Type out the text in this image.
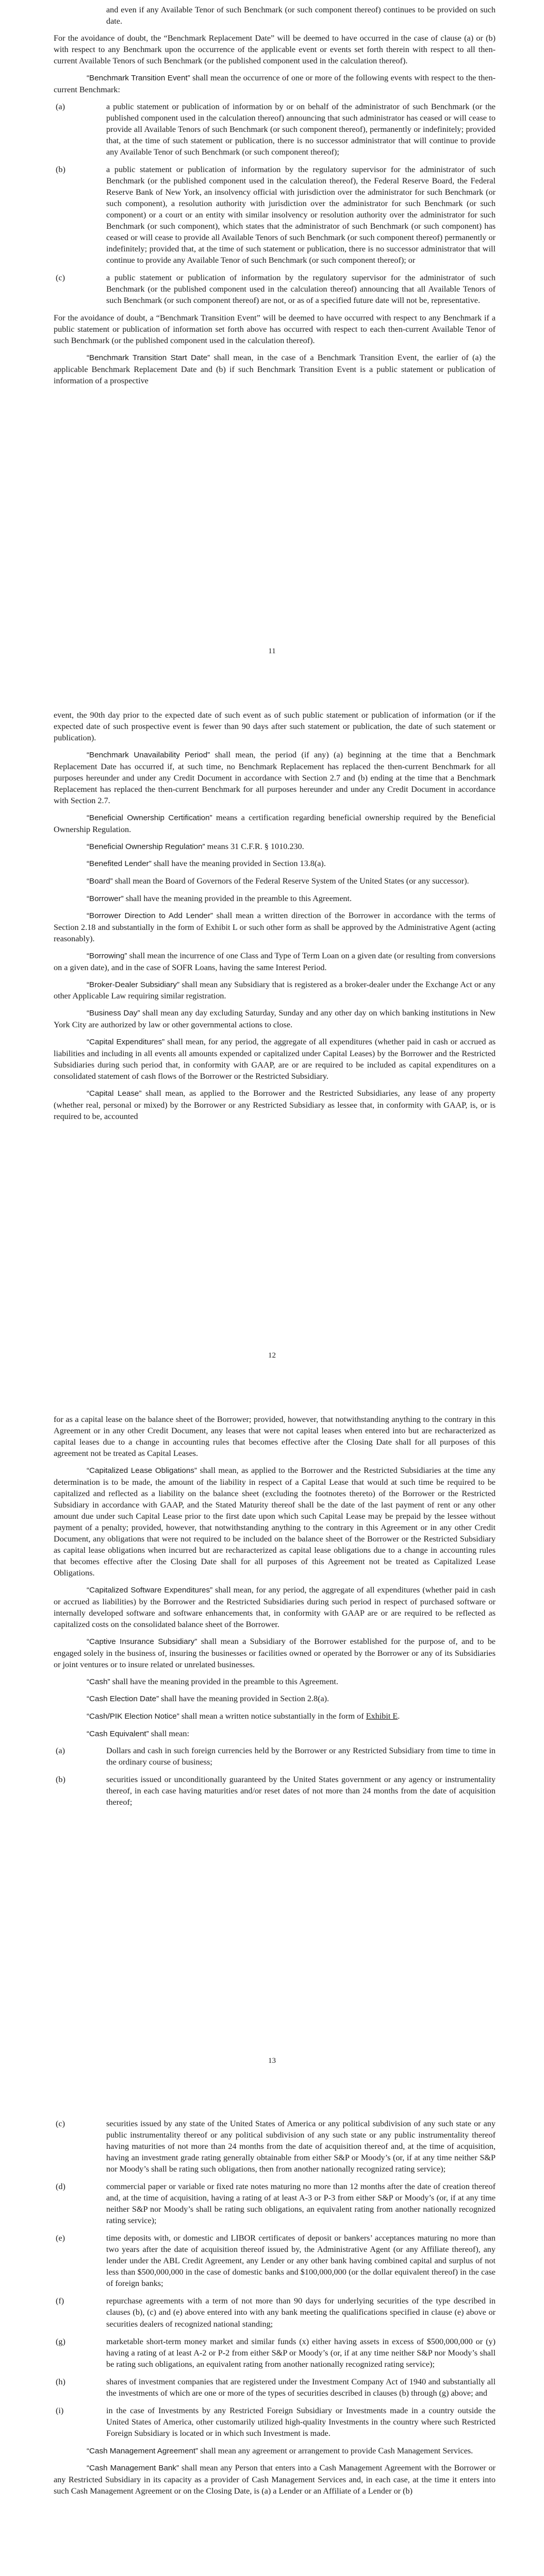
and even if any Available Tenor of such Benchmark (or such component thereof) continues to be provided on such date.

For the avoidance of doubt, the “Benchmark Replacement Date” will be deemed to have occurred in the case of clause (a) or (b) with respect to any Benchmark upon the occurrence of the applicable event or events set forth therein with respect to all then-current Available Tenors of such Benchmark (or the published component used in the calculation thereof).

“Benchmark Transition Event” shall mean the occurrence of one or more of the following events with respect to the then-current Benchmark:

(a)	a public statement or publication of information by or on behalf of the administrator of such Benchmark (or the published component used in the calculation thereof) announcing that such administrator has ceased or will cease to provide all Available Tenors of such Benchmark (or such component thereof), permanently or indefinitely; provided that, at the time of such statement or publication, there is no successor administrator that will continue to provide any Available Tenor of such Benchmark (or such component thereof);
(b)	a public statement or publication of information by the regulatory supervisor for the administrator of such Benchmark (or the published component used in the calculation thereof), the Federal Reserve Board, the Federal Reserve Bank of New York, an insolvency official with jurisdiction over the administrator for such Benchmark (or such component), a resolution authority with jurisdiction over the administrator for such Benchmark (or such component) or a court or an entity with similar insolvency or resolution authority over the administrator for such Benchmark (or such component), which states that the administrator of such Benchmark (or such component) has ceased or will cease to provide all Available Tenors of such Benchmark (or such component thereof) permanently or indefinitely; provided that, at the time of such statement or publication, there is no successor administrator that will continue to provide any Available Tenor of such Benchmark (or such component thereof); or
(c)	a public statement or publication of information by the regulatory supervisor for the administrator of such Benchmark (or the published component used in the calculation thereof) announcing that all Available Tenors of such Benchmark (or such component thereof) are not, or as of a specified future date will not be, representative.

For the avoidance of doubt, a “Benchmark Transition Event” will be deemed to have occurred with respect to any Benchmark if a public statement or publication of information set forth above has occurred with respect to each then-current Available Tenor of such Benchmark (or the published component used in the calculation thereof).

“Benchmark Transition Start Date” shall mean, in the case of a Benchmark Transition Event, the earlier of (a) the applicable Benchmark Replacement Date and (b) if such Benchmark Transition Event is a public statement or publication of information of a prospective

11

event, the 90th day prior to the expected date of such event as of such public statement or publication of information (or if the expected date of such prospective event is fewer than 90 days after such statement or publication, the date of such statement or publication).

“Benchmark Unavailability Period” shall mean, the period (if any) (a) beginning at the time that a Benchmark Replacement Date has occurred if, at such time, no Benchmark Replacement has replaced the then-current Benchmark for all purposes hereunder and under any Credit Document in accordance with Section 2.7 and (b) ending at the time that a Benchmark Replacement has replaced the then-current Benchmark for all purposes hereunder and under any Credit Document in accordance with Section 2.7.

“Beneficial Ownership Certification” means a certification regarding beneficial ownership required by the Beneficial Ownership Regulation.

“Beneficial Ownership Regulation” means 31 C.F.R. § 1010.230.

“Benefited Lender” shall have the meaning provided in Section 13.8(a).

“Board” shall mean the Board of Governors of the Federal Reserve System of the United States (or any successor).

“Borrower” shall have the meaning provided in the preamble to this Agreement.

“Borrower Direction to Add Lender” shall mean a written direction of the Borrower in accordance with the terms of Section 2.18 and substantially in the form of Exhibit L or such other form as shall be approved by the Administrative Agent (acting reasonably).

“Borrowing” shall mean the incurrence of one Class and Type of Term Loan on a given date (or resulting from conversions on a given date), and in the case of SOFR Loans, having the same Interest Period.

“Broker-Dealer Subsidiary” shall mean any Subsidiary that is registered as a broker-dealer under the Exchange Act or any other Applicable Law requiring similar registration.

“Business Day” shall mean any day excluding Saturday, Sunday and any other day on which banking institutions in New York City are authorized by law or other governmental actions to close.

“Capital Expenditures” shall mean, for any period, the aggregate of all expenditures (whether paid in cash or accrued as liabilities and including in all events all amounts expended or capitalized under Capital Leases) by the Borrower and the Restricted Subsidiaries during such period that, in conformity with GAAP, are or are required to be included as capital expenditures on a consolidated statement of cash flows of the Borrower or the Restricted Subsidiary.

“Capital Lease” shall mean, as applied to the Borrower and the Restricted Subsidiaries, any lease of any property (whether real, personal or mixed) by the Borrower or any Restricted Subsidiary as lessee that, in conformity with GAAP, is, or is required to be, accounted

12

for as a capital lease on the balance sheet of the Borrower; provided, however, that notwithstanding anything to the contrary in this Agreement or in any other Credit Document, any leases that were not capital leases when entered into but are recharacterized as capital leases due to a change in accounting rules that becomes effective after the Closing Date shall for all purposes of this agreement not be treated as Capital Leases.

“Capitalized Lease Obligations” shall mean, as applied to the Borrower and the Restricted Subsidiaries at the time any determination is to be made, the amount of the liability in respect of a Capital Lease that would at such time be required to be capitalized and reflected as a liability on the balance sheet (excluding the footnotes thereto) of the Borrower or the Restricted Subsidiary in accordance with GAAP, and the Stated Maturity thereof shall be the date of the last payment of rent or any other amount due under such Capital Lease prior to the first date upon which such Capital Lease may be prepaid by the lessee without payment of a penalty; provided, however, that notwithstanding anything to the contrary in this Agreement or in any other Credit Document, any obligations that were not required to be included on the balance sheet of the Borrower or the Restricted Subsidiary as capital lease obligations when incurred but are recharacterized as capital lease obligations due to a change in accounting rules that becomes effective after the Closing Date shall for all purposes of this Agreement not be treated as Capitalized Lease Obligations.

“Capitalized Software Expenditures” shall mean, for any period, the aggregate of all expenditures (whether paid in cash or accrued as liabilities) by the Borrower and the Restricted Subsidiaries during such period in respect of purchased software or internally developed software and software enhancements that, in conformity with GAAP are or are required to be reflected as capitalized costs on the consolidated balance sheet of the Borrower.

“Captive Insurance Subsidiary” shall mean a Subsidiary of the Borrower established for the purpose of, and to be engaged solely in the business of, insuring the businesses or facilities owned or operated by the Borrower or any of its Subsidiaries or joint ventures or to insure related or unrelated businesses.

“Cash” shall have the meaning provided in the preamble to this Agreement.

“Cash Election Date” shall have the meaning provided in Section 2.8(a).

“Cash/PIK Election Notice” shall mean a written notice substantially in the form of Exhibit E.

“Cash Equivalent” shall mean:

(a)	Dollars and cash in such foreign currencies held by the Borrower or any Restricted Subsidiary from time to time in the ordinary course of business;
(b)	securities issued or unconditionally guaranteed by the United States government or any agency or instrumentality thereof, in each case having maturities and/or reset dates of not more than 24 months from the date of acquisition thereof;
13
(c)	securities issued by any state of the United States of America or any political subdivision of any such state or any public instrumentality thereof or any political subdivision of any such state or any public instrumentality thereof having maturities of not more than 24 months from the date of acquisition thereof and, at the time of acquisition, having an investment grade rating generally obtainable from either S&P or Moody’s (or, if at any time neither S&P nor Moody’s shall be rating such obligations, then from another nationally recognized rating service);
(d)	commercial paper or variable or fixed rate notes maturing no more than 12 months after the date of creation thereof and, at the time of acquisition, having a rating of at least A-3 or P-3 from either S&P or Moody’s (or, if at any time neither S&P nor Moody’s shall be rating such obligations, an equivalent rating from another nationally recognized rating service);
(e)	time deposits with, or domestic and LIBOR certificates of deposit or bankers’ acceptances maturing no more than two years after the date of acquisition thereof issued by, the Administrative Agent (or any Affiliate thereof), any lender under the ABL Credit Agreement, any Lender or any other bank having combined capital and surplus of not less than $500,000,000 in the case of domestic banks and $100,000,000 (or the dollar equivalent thereof) in the case of foreign banks;
(f)	repurchase agreements with a term of not more than 90 days for underlying securities of the type described in clauses (b), (c) and (e) above entered into with any bank meeting the qualifications specified in clause (e) above or securities dealers of recognized national standing;
(g)	marketable short-term money market and similar funds (x) either having assets in excess of $500,000,000 or (y) having a rating of at least A-2 or P-2 from either S&P or Moody’s (or, if at any time neither S&P nor Moody’s shall be rating such obligations, an equivalent rating from another nationally recognized rating service);
(h)	shares of investment companies that are registered under the Investment Company Act of 1940 and substantially all the investments of which are one or more of the types of securities described in clauses (b) through (g) above; and
(i)	in the case of Investments by any Restricted Foreign Subsidiary or Investments made in a country outside the United States of America, other customarily utilized high-quality Investments in the country where such Restricted Foreign Subsidiary is located or in which such Investment is made.

“Cash Management Agreement” shall mean any agreement or arrangement to provide Cash Management Services.

“Cash Management Bank” shall mean any Person that enters into a Cash Management Agreement with the Borrower or any Restricted Subsidiary in its capacity as a provider of Cash Management Services and, in each case, at the time it enters into such Cash Management Agreement or on the Closing Date, is (a) a Lender or an Affiliate of a Lender or (b)
